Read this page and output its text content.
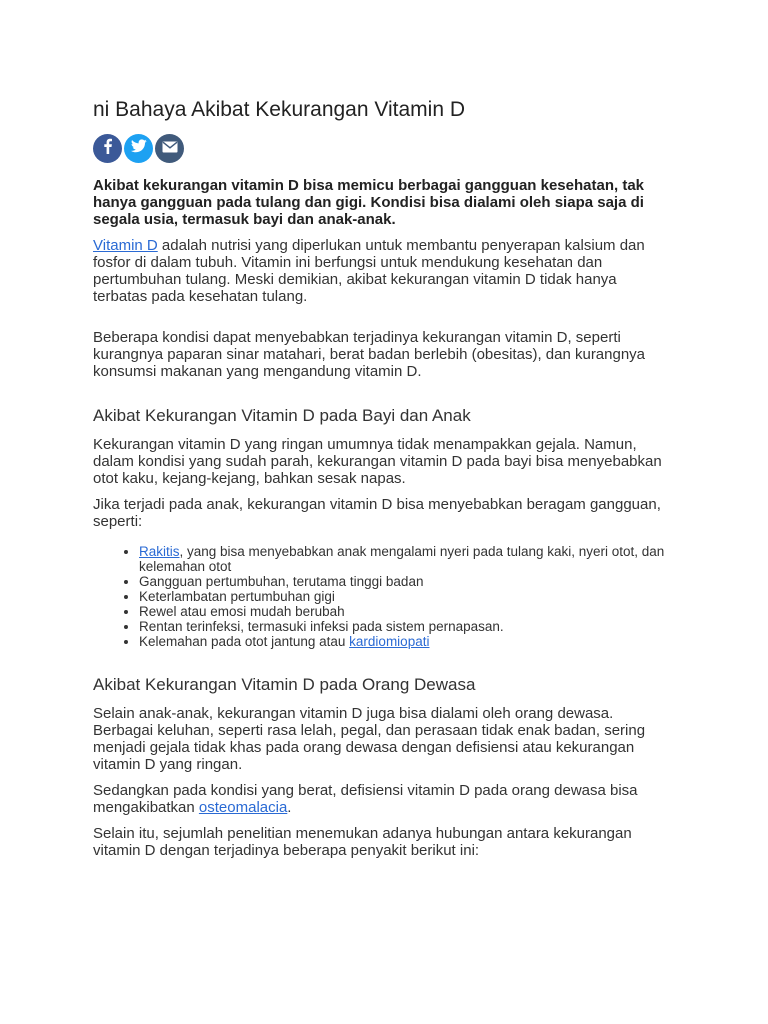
ni Bahaya Akibat Kekurangan Vitamin D

Akibat kekurangan vitamin D bisa memicu berbagai gangguan kesehatan, tak hanya gangguan pada tulang dan gigi. Kondisi bisa dialami oleh siapa saja di segala usia, termasuk bayi dan anak-anak.

Vitamin D adalah nutrisi yang diperlukan untuk membantu penyerapan kalsium dan fosfor di dalam tubuh. Vitamin ini berfungsi untuk mendukung kesehatan dan pertumbuhan tulang. Meski demikian, akibat kekurangan vitamin D tidak hanya terbatas pada kesehatan tulang.

Beberapa kondisi dapat menyebabkan terjadinya kekurangan vitamin D, seperti kurangnya paparan sinar matahari, berat badan berlebih (obesitas), dan kurangnya konsumsi makanan yang mengandung vitamin D.

Akibat Kekurangan Vitamin D pada Bayi dan Anak

Kekurangan vitamin D yang ringan umumnya tidak menampakkan gejala. Namun, dalam kondisi yang sudah parah, kekurangan vitamin D pada bayi bisa menyebabkan otot kaku, kejang-kejang, bahkan sesak napas.

Jika terjadi pada anak, kekurangan vitamin D bisa menyebabkan beragam gangguan, seperti:

• Rakitis, yang bisa menyebabkan anak mengalami nyeri pada tulang kaki, nyeri otot, dan kelemahan otot
• Gangguan pertumbuhan, terutama tinggi badan
• Keterlambatan pertumbuhan gigi
• Rewel atau emosi mudah berubah
• Rentan terinfeksi, termasuki infeksi pada sistem pernapasan.
• Kelemahan pada otot jantung atau kardiomiopati
Akibat Kekurangan Vitamin D pada Orang Dewasa

Selain anak-anak, kekurangan vitamin D juga bisa dialami oleh orang dewasa. Berbagai keluhan, seperti rasa lelah, pegal, dan perasaan tidak enak badan, sering menjadi gejala tidak khas pada orang dewasa dengan defisiensi atau kekurangan vitamin D yang ringan.

Sedangkan pada kondisi yang berat, defisiensi vitamin D pada orang dewasa bisa mengakibatkan osteomalacia.

Selain itu, sejumlah penelitian menemukan adanya hubungan antara kekurangan vitamin D dengan terjadinya beberapa penyakit berikut ini:
